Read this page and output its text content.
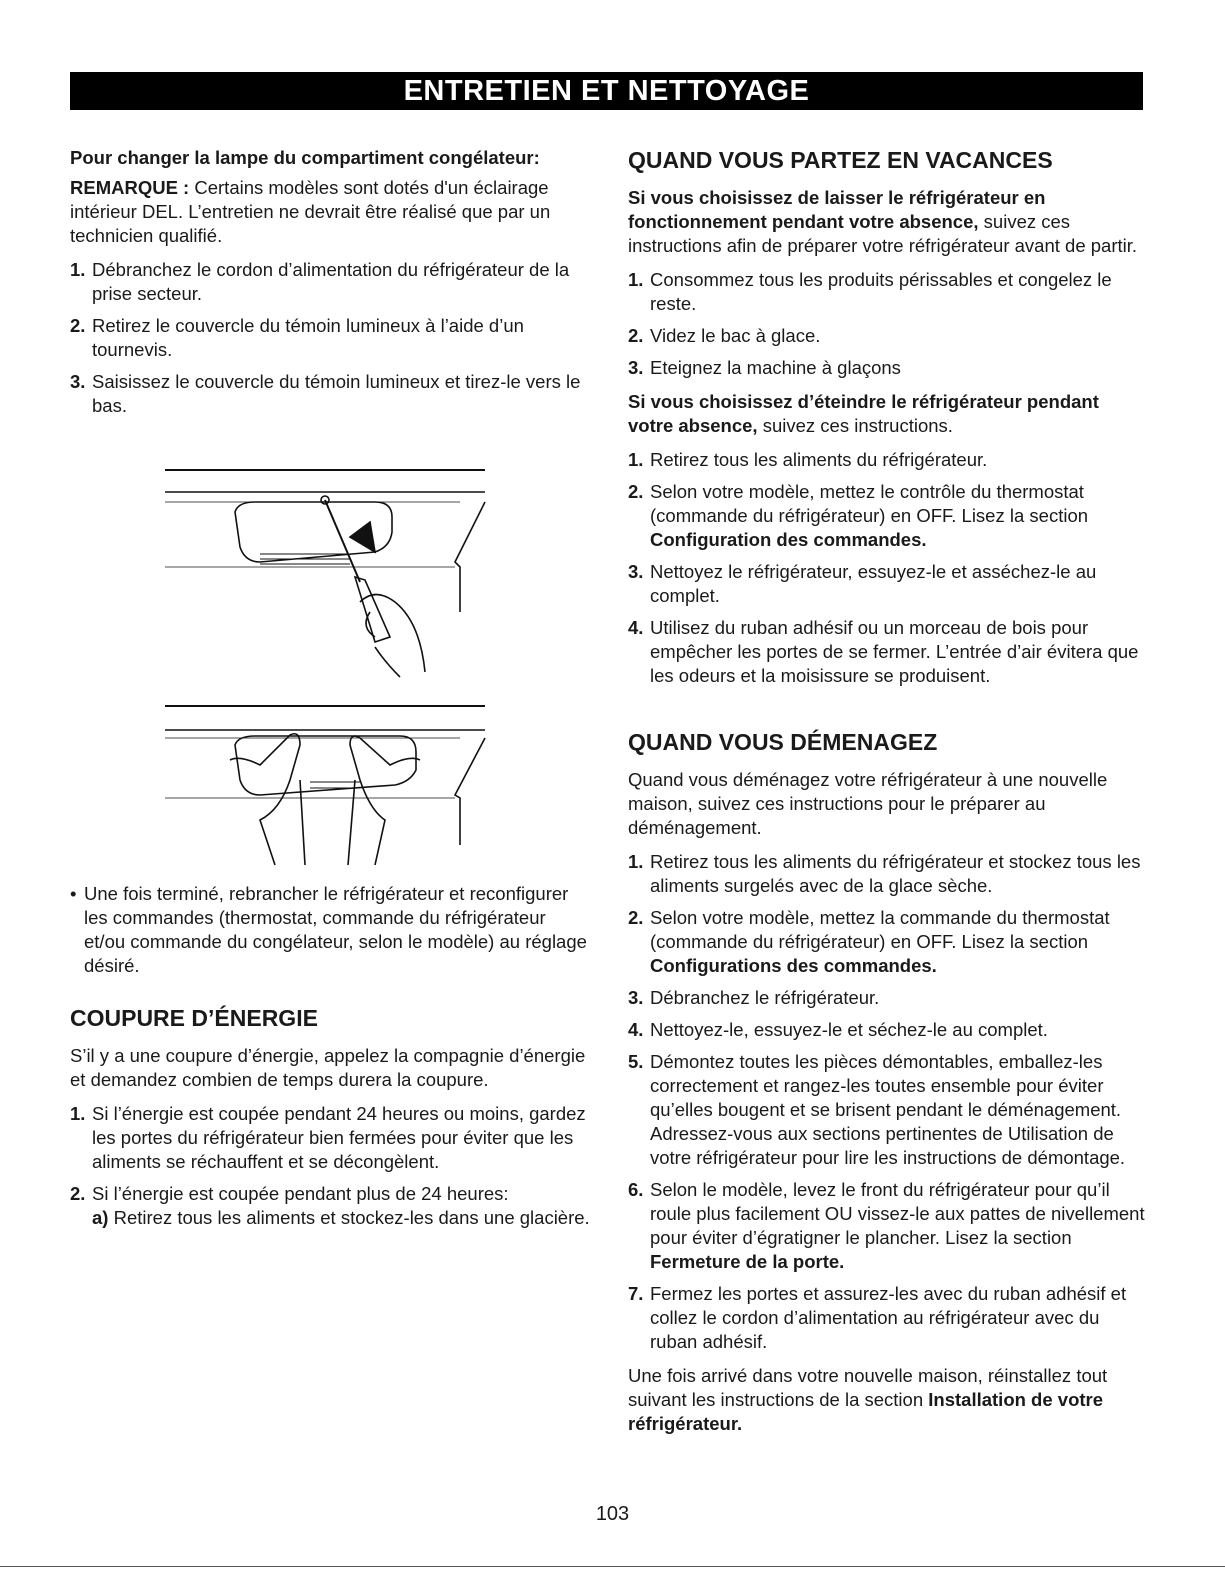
ENTRETIEN ET NETTOYAGE
Pour changer la lampe du compartiment congélateur:

REMARQUE : Certains modèles sont dotés d'un éclairage intérieur DEL. L’entretien ne devrait être réalisé que par un technicien qualifié.

1. Débranchez le cordon d’alimentation du réfrigérateur de la prise secteur.
2. Retirez le couvercle du témoin lumineux à l’aide d’un tournevis.
3. Saisissez le couvercle du témoin lumineux et tirez-le vers le bas.
• Une fois terminé, rebrancher le réfrigérateur et reconfigurer les commandes (thermostat, commande du réfrigérateur et/ou commande du congélateur, selon le modèle) au réglage désiré.
COUPURE D’ÉNERGIE

S’il y a une coupure d’énergie, appelez la compagnie d’énergie et demandez combien de temps durera la coupure.

1. Si l’énergie est coupée pendant 24 heures ou moins, gardez les portes du réfrigérateur bien fermées pour éviter que les aliments se réchauffent et se décongèlent.
2. Si l’énergie est coupée pendant plus de 24 heures:
a) Retirez tous les aliments et stockez-les dans une glacière.
QUAND VOUS PARTEZ EN VACANCES

Si vous choisissez de laisser le réfrigérateur en fonctionnement pendant votre absence, suivez ces instructions afin de préparer votre réfrigérateur avant de partir.

1. Consommez tous les produits périssables et congelez le reste.
2. Videz le bac à glace.
3. Eteignez la machine à glaçons

Si vous choisissez d’éteindre le réfrigérateur pendant votre absence, suivez ces instructions.

1. Retirez tous les aliments du réfrigérateur.
2. Selon votre modèle, mettez le contrôle du thermostat (commande du réfrigérateur) en OFF. Lisez la section Configuration des commandes.
3. Nettoyez le réfrigérateur, essuyez-le et asséchez-le au complet.
4. Utilisez du ruban adhésif ou un morceau de bois pour empêcher les portes de se fermer. L’entrée d’air évitera que les odeurs et la moisissure se produisent.
QUAND VOUS DÉMENAGEZ

Quand vous déménagez votre réfrigérateur à une nouvelle maison, suivez ces instructions pour le préparer au déménagement.

1. Retirez tous les aliments du réfrigérateur et stockez tous les aliments surgelés avec de la glace sèche.
2. Selon votre modèle, mettez la commande du thermostat (commande du réfrigérateur) en OFF. Lisez la section Configurations des commandes.
3. Débranchez le réfrigérateur.
4. Nettoyez-le, essuyez-le et séchez-le au complet.
5. Démontez toutes les pièces démontables, emballez-les correctement et rangez-les toutes ensemble pour éviter qu’elles bougent et se brisent pendant le déménagement. Adressez-vous aux sections pertinentes de Utilisation de votre réfrigérateur pour lire les instructions de démontage.
6. Selon le modèle, levez le front du réfrigérateur pour qu’il roule plus facilement OU vissez-le aux pattes de nivellement pour éviter d’égratigner le plancher. Lisez la section Fermeture de la porte.
7. Fermez les portes et assurez-les avec du ruban adhésif et collez le cordon d’alimentation au réfrigérateur avec du ruban adhésif.

Une fois arrivé dans votre nouvelle maison, réinstallez tout suivant les instructions de la section Installation de votre réfrigérateur.

103
